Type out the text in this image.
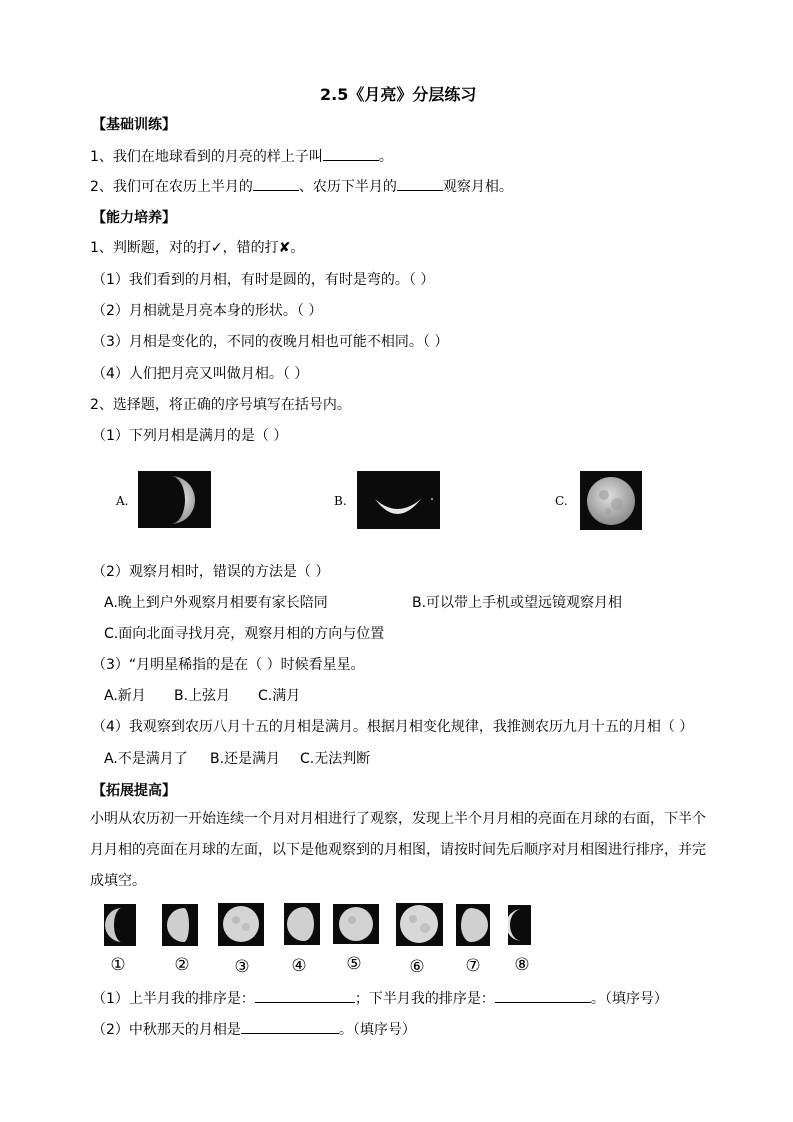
2.5《月亮》分层练习
【基础训练】
1、我们在地球看到的月亮的样上子叫	。
2、我们可在农历上半月的	、农历下半月的	观察月相。
【能力培养】
1、判断题，对的打✓，错的打✘。
（1）我们看到的月相，有时是圆的，有时是弯的。（ ）
（2）月相就是月亮本身的形状。（ ）
（3）月相是变化的，不同的夜晚月相也可能不相同。（ ）
（4）人们把月亮又叫做月相。（ ）
2、选择题，将正确的序号填写在括号内。
（1）下列月相是满月的是（ ）
A.	B.	C.
（2）观察月相时，错误的方法是（ ）
A.晚上到户外观察月相要有家长陪同	B.可以带上手机或望远镜观察月相
C.面向北面寻找月亮，观察月相的方向与位置
（3）“月明星稀指的是在（ ）时候看星星。
A.新月 B.上弦月 C.满月
（4）我观察到农历八月十五的月相是满月。根据月相变化规律，我推测农历九月十五的月相（ ）
A.不是满月了 B.还是满月 C.无法判断
【拓展提高】
小明从农历初一开始连续一个月对月相进行了观察，发现上半个月月相的亮面在月球的右面，下半个月月相的亮面在月球的左面，以下是他观察到的月相图，请按时间先后顺序对月相图进行排序，并完成填空。
①	②	③ ④ ⑤	⑥ ⑦ ⑧
（1）上半月我的排序是：	；下半月我的排序是：	。（填序号）
（2）中秋那天的月相是	。（填序号）
